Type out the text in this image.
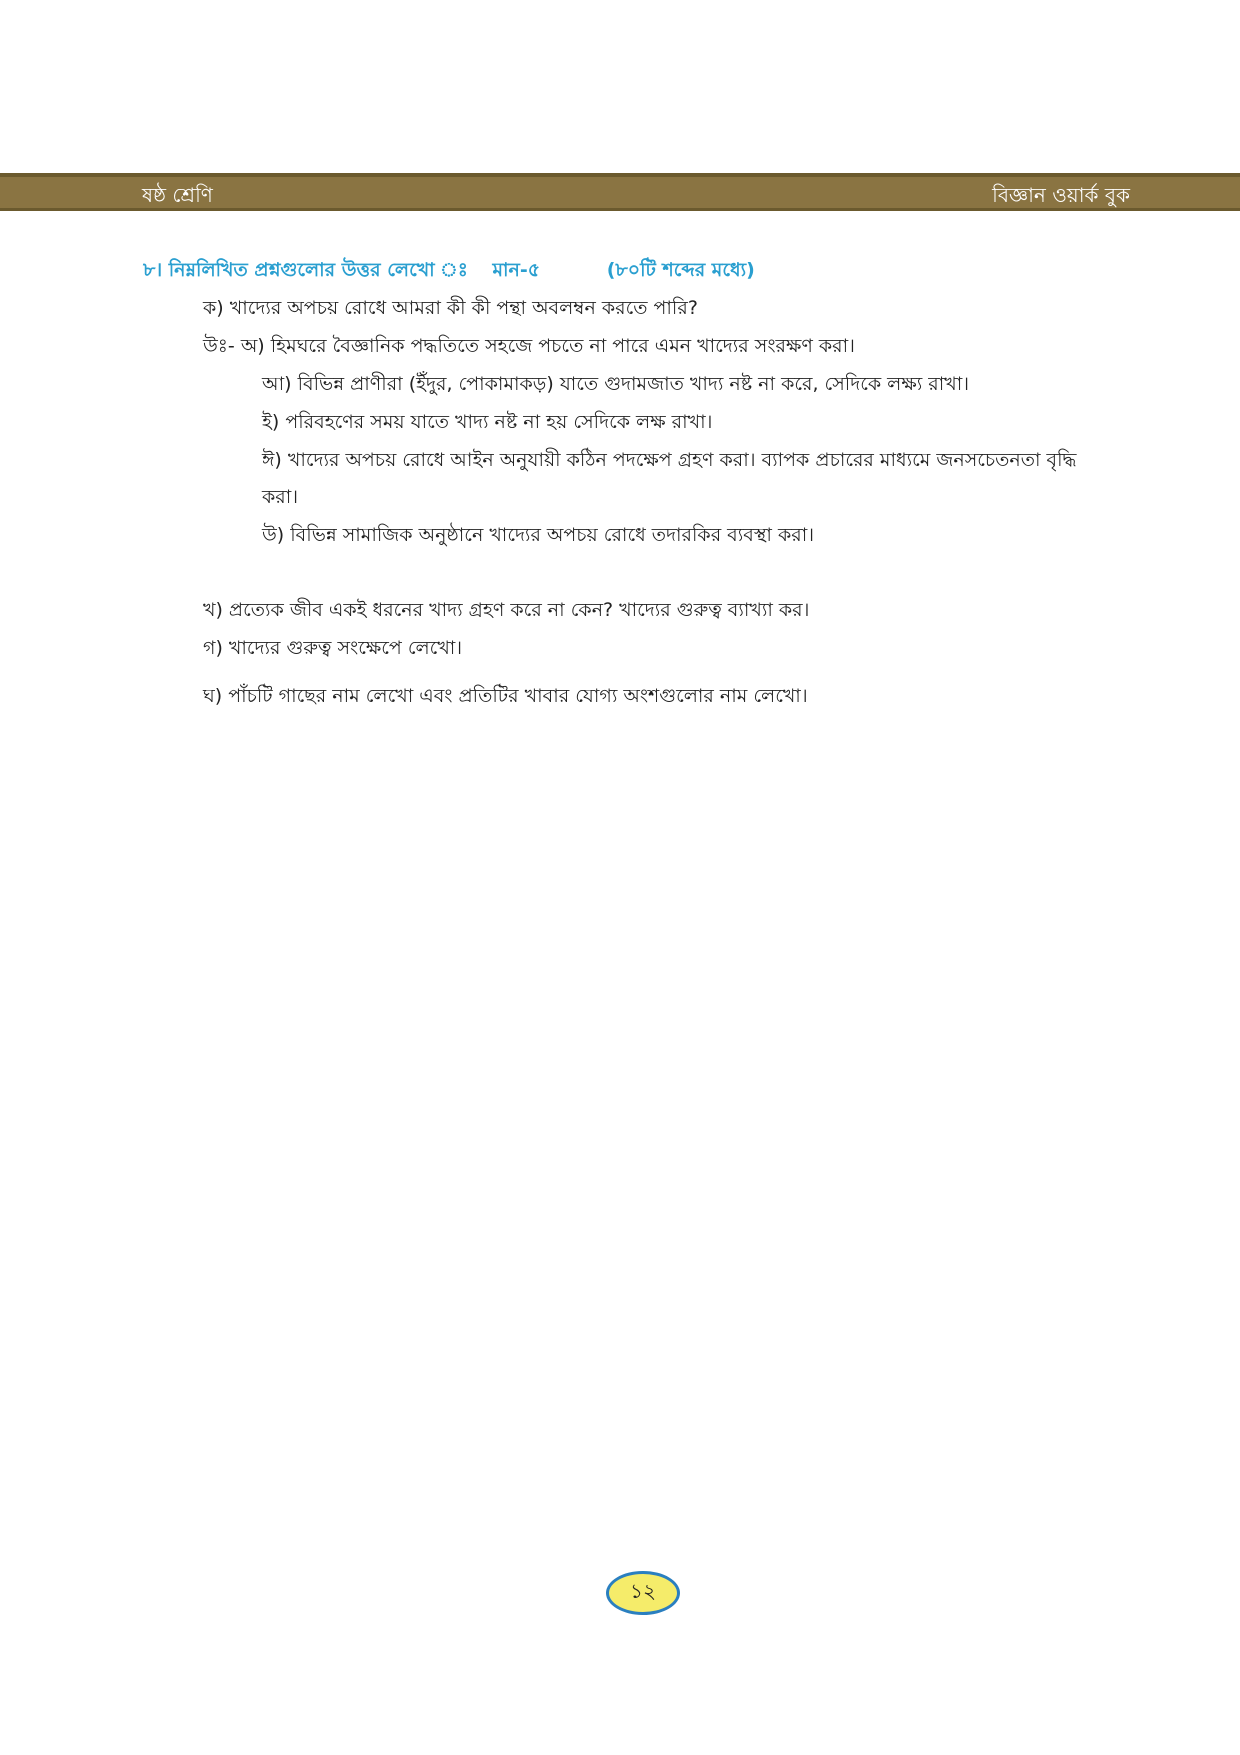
ষষ্ঠ শ্রেণি	বিজ্ঞান ওয়ার্ক বুক
৮। নিম্নলিখিত প্রশ্নগুলোর উত্তর লেখো ঃ মান-৫	(৮০টি শব্দের মধ্যে)
ক) খাদ্যের অপচয় রোধে আমরা কী কী পন্থা অবলম্বন করতে পারি?
উঃ- অ) হিমঘরে বৈজ্ঞানিক পদ্ধতিতে সহজে পচতে না পারে এমন খাদ্যের সংরক্ষণ করা।
আ) বিভিন্ন প্রাণীরা (ইঁদুর, পোকামাকড়) যাতে গুদামজাত খাদ্য নষ্ট না করে, সেদিকে লক্ষ্য রাখা।
ই) পরিবহণের সময় যাতে খাদ্য নষ্ট না হয় সেদিকে লক্ষ রাখা।
ঈ) খাদ্যের অপচয় রোধে আইন অনুযায়ী কঠিন পদক্ষেপ গ্রহণ করা। ব্যাপক প্রচারের মাধ্যমে জনসচেতনতা বৃদ্ধি
করা।
উ) বিভিন্ন সামাজিক অনুষ্ঠানে খাদ্যের অপচয় রোধে তদারকির ব্যবস্থা করা।
খ) প্রত্যেক জীব একই ধরনের খাদ্য গ্রহণ করে না কেন? খাদ্যের গুরুত্ব ব্যাখ্যা কর।
গ) খাদ্যের গুরুত্ব সংক্ষেপে লেখো।
ঘ) পাঁচটি গাছের নাম লেখো এবং প্রতিটির খাবার যোগ্য অংশগুলোর নাম লেখো।
১২
